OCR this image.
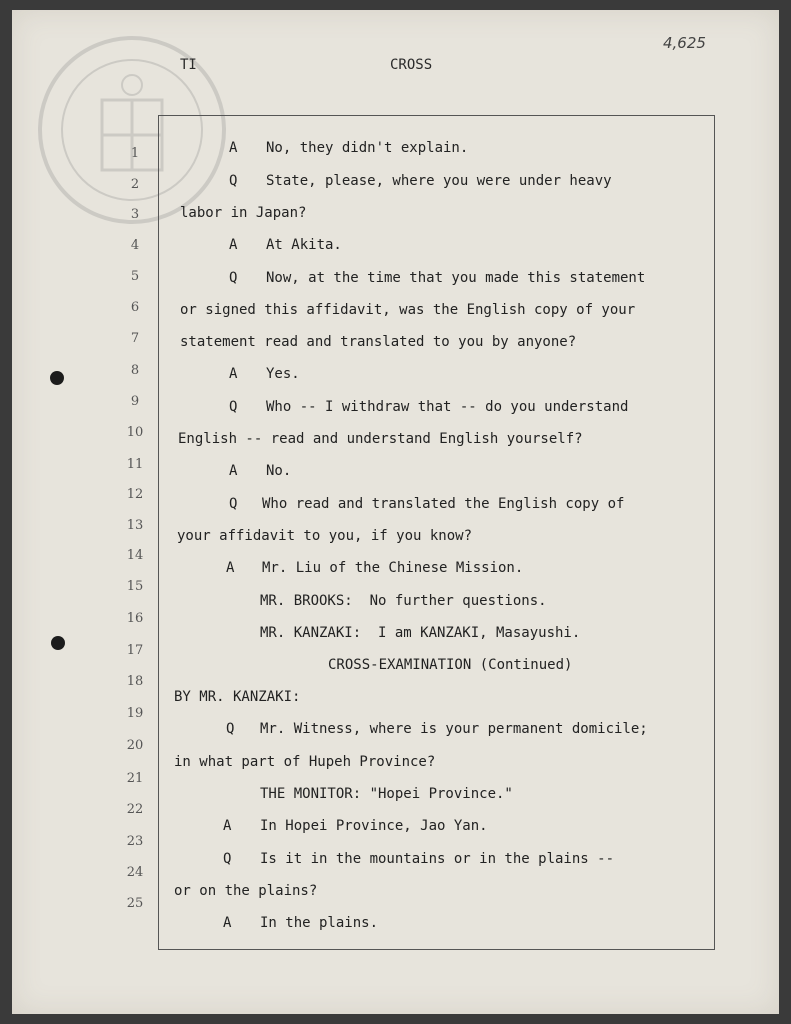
TI	CROSS
4,625
1
2
3
4
5
6
7
8
9
10
11
12
13
14
15
16
17
18
19
20
21
22
23
24
25
A No, they didn't explain.
Q State, please, where you were under heavy
labor in Japan?
A At Akita.
Q Now, at the time that you made this statement
or signed this affidavit, was the English copy of your
statement read and translated to you by anyone?
A Yes.
Q Who -- I withdraw that -- do you understand
English -- read and understand English yourself?
A No.
Q Who read and translated the English copy of
your affidavit to you, if you know?
A Mr. Liu of the Chinese Mission.
MR. BROOKS:  No further questions.
MR. KANZAKI:  I am KANZAKI, Masayushi.
CROSS-EXAMINATION (Continued)
BY MR. KANZAKI:
Q Mr. Witness, where is your permanent domicile;
in what part of Hupeh Province?
THE MONITOR: "Hopei Province."
A In Hopei Province, Jao Yan.
Q Is it in the mountains or in the plains --
or on the plains?
A In the plains.
